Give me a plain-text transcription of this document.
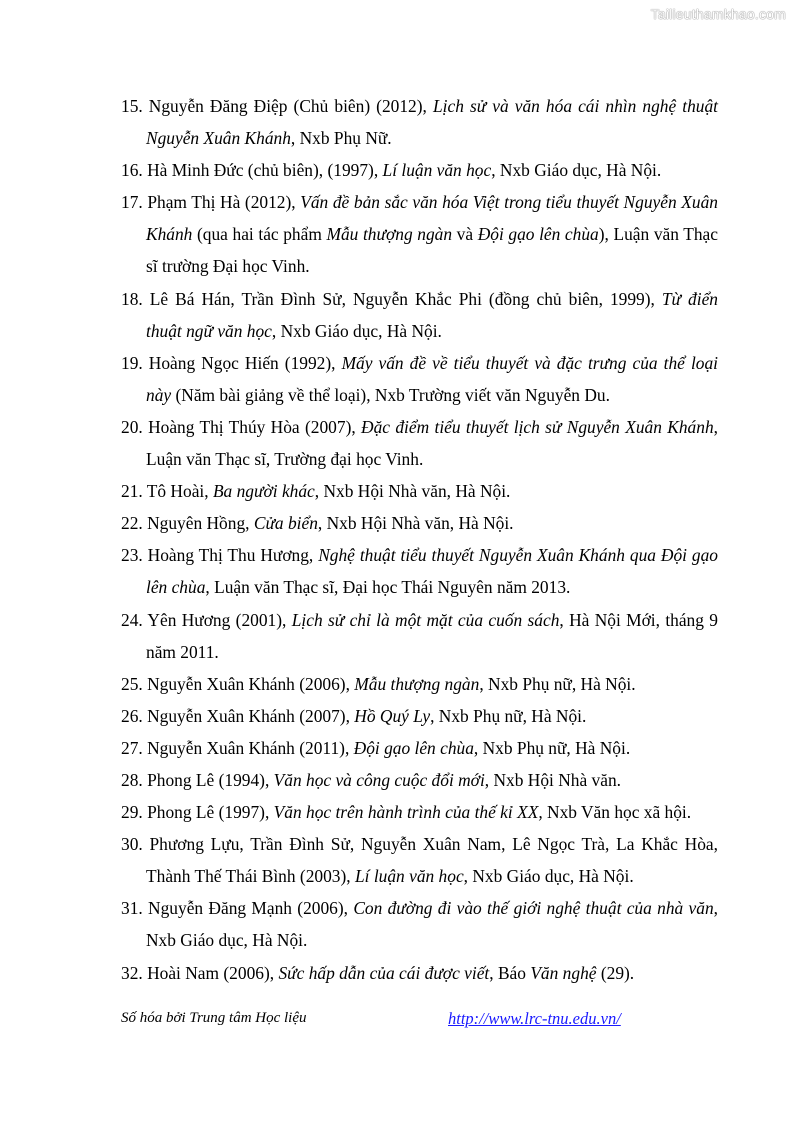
Tailieuthamkhao.com

15. Nguyễn Đăng Điệp (Chủ biên) (2012), Lịch sử và văn hóa cái nhìn nghệ thuật Nguyễn Xuân Khánh, Nxb Phụ Nữ.

16. Hà Minh Đức (chủ biên), (1997), Lí luận văn học, Nxb Giáo dục, Hà Nội.

17. Phạm Thị Hà (2012), Vấn đề bản sắc văn hóa Việt trong tiểu thuyết Nguyễn Xuân Khánh (qua hai tác phẩm Mẫu thượng ngàn và Đội gạo lên chùa), Luận văn Thạc sĩ trường Đại học Vinh.

18. Lê Bá Hán, Trần Đình Sử, Nguyễn Khắc Phi (đồng chủ biên, 1999), Từ điển thuật ngữ văn học, Nxb Giáo dục, Hà Nội.

19. Hoàng Ngọc Hiến (1992), Mấy vấn đề về tiểu thuyết và đặc trưng của thể loại này (Năm bài giảng về thể loại), Nxb Trường viết văn Nguyễn Du.

20. Hoàng Thị Thúy Hòa (2007), Đặc điểm tiểu thuyết lịch sử Nguyễn Xuân Khánh, Luận văn Thạc sĩ, Trường đại học Vinh.

21. Tô Hoài, Ba người khác, Nxb Hội Nhà văn, Hà Nội.

22. Nguyên Hồng, Cửa biển, Nxb Hội Nhà văn, Hà Nội.

23. Hoàng Thị Thu Hương, Nghệ thuật tiểu thuyết Nguyễn Xuân Khánh qua Đội gạo lên chùa, Luận văn Thạc sĩ, Đại học Thái Nguyên năm 2013.

24. Yên Hương (2001), Lịch sử chỉ là một mặt của cuốn sách, Hà Nội Mới, tháng 9 năm 2011.

25. Nguyễn Xuân Khánh (2006), Mẫu thượng ngàn, Nxb Phụ nữ, Hà Nội.

26. Nguyễn Xuân Khánh (2007), Hồ Quý Ly, Nxb Phụ nữ, Hà Nội.

27. Nguyễn Xuân Khánh (2011), Đội gạo lên chùa, Nxb Phụ nữ, Hà Nội.

28. Phong Lê (1994), Văn học và công cuộc đổi mới, Nxb Hội Nhà văn.

29. Phong Lê (1997), Văn học trên hành trình của thế kỉ XX, Nxb Văn học xã hội.

30. Phương Lựu, Trần Đình Sử, Nguyễn Xuân Nam, Lê Ngọc Trà, La Khắc Hòa, Thành Thế Thái Bình (2003), Lí luận văn học, Nxb Giáo dục, Hà Nội.

31. Nguyễn Đăng Mạnh (2006), Con đường đi vào thế giới nghệ thuật của nhà văn, Nxb Giáo dục, Hà Nội.

32. Hoài Nam (2006), Sức hấp dẫn của cái được viết, Báo Văn nghệ (29).

Số hóa bởi Trung tâm Học liệu	http://www.lrc-tnu.edu.vn/
